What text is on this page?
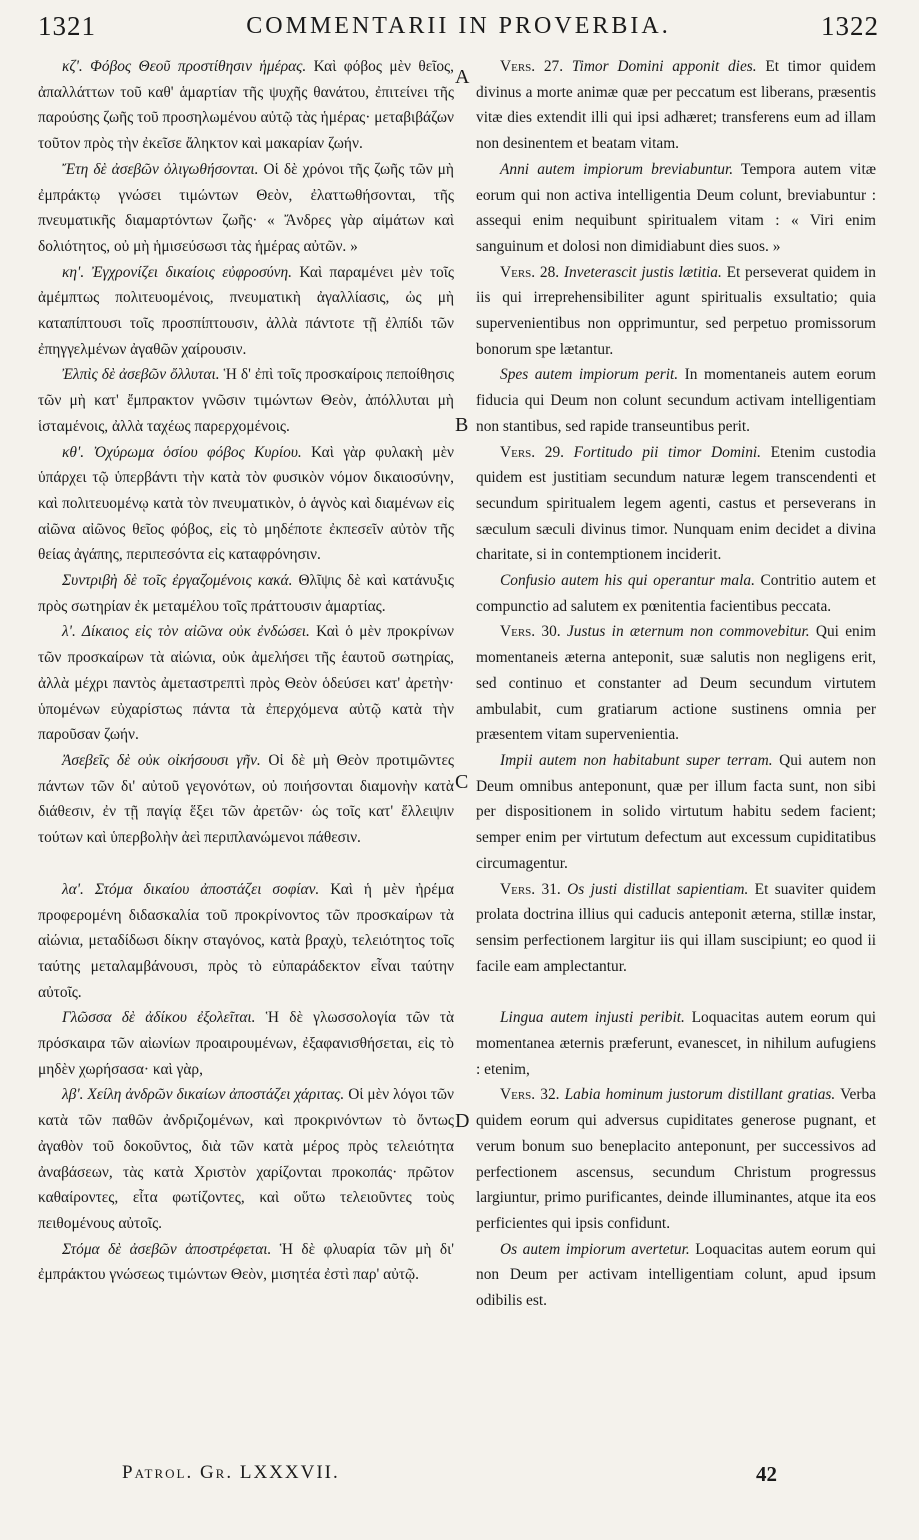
1321	COMMENTARII IN PROVERBIA.	1322

κζ'. Φόβος Θεοῦ προστίθησιν ἡμέρας. Καὶ φόβος μὲν θεῖος, ἀπαλλάττων τοῦ καθ' ἁμαρτίαν τῆς ψυχῆς θανάτου, ἐπιτείνει τῆς παρούσης ζωῆς τοῦ προσηλωμένου αὐτῷ τὰς ἡμέρας· μεταβιβάζων τοῦτον πρὸς τὴν ἐκεῖσε ἄληκτον καὶ μακαρίαν ζωήν.

Ἔτη δὲ ἀσεβῶν ὀλιγωθήσονται. Οἱ δὲ χρόνοι τῆς ζωῆς τῶν μὴ ἐμπράκτῳ γνώσει τιμώντων Θεὸν, ἐλαττωθήσονται, τῆς πνευματικῆς διαμαρτόντων ζωῆς· « Ἄνδρες γὰρ αἱμάτων καὶ δολιότητος, οὐ μὴ ἡμισεύσωσι τὰς ἡμέρας αὐτῶν. »

κη'. Ἐγχρονίζει δικαίοις εὐφροσύνη. Καὶ παραμένει μὲν τοῖς ἀμέμπτως πολιτευομένοις, πνευματικὴ ἀγαλλίασις, ὡς μὴ καταπίπτουσι τοῖς προσπίπτουσιν, ἀλλὰ πάντοτε τῇ ἐλπίδι τῶν ἐπηγγελμένων ἀγαθῶν χαίρουσιν.

Ἐλπὶς δὲ ἀσεβῶν ὄλλυται. Ἡ δ' ἐπὶ τοῖς προσκαίροις πεποίθησις τῶν μὴ κατ' ἔμπρακτον γνῶσιν τιμώντων Θεὸν, ἀπόλλυται μὴ ἱσταμένοις, ἀλλὰ ταχέως παρερχομένοις.

κθ'. Ὀχύρωμα ὁσίου φόβος Κυρίου. Καὶ γὰρ φυλακὴ μὲν ὑπάρχει τῷ ὑπερβάντι τὴν κατὰ τὸν φυσικὸν νόμον δικαιοσύνην, καὶ πολιτευομένῳ κατὰ τὸν πνευματικὸν, ὁ ἁγνὸς καὶ διαμένων εἰς αἰῶνα αἰῶνος θεῖος φόβος, εἰς τὸ μηδέποτε ἐκπεσεῖν αὐτὸν τῆς θείας ἀγάπης, περιπεσόντα εἰς καταφρόνησιν.

Συντριβὴ δὲ τοῖς ἐργαζομένοις κακά. Θλῖψις δὲ καὶ κατάνυξις πρὸς σωτηρίαν ἐκ μεταμέλου τοῖς πράττουσιν ἁμαρτίας.

λ'. Δίκαιος εἰς τὸν αἰῶνα οὐκ ἐνδώσει. Καὶ ὁ μὲν προκρίνων τῶν προσκαίρων τὰ αἰώνια, οὐκ ἀμελήσει τῆς ἑαυτοῦ σωτηρίας, ἀλλὰ μέχρι παντὸς ἀμεταστρεπτὶ πρὸς Θεὸν ὁδεύσει κατ' ἀρετὴν· ὑπομένων εὐχαρίστως πάντα τὰ ἐπερχόμενα αὐτῷ κατὰ τὴν παροῦσαν ζωήν.

Ἀσεβεῖς δὲ οὐκ οἰκήσουσι γῆν. Οἱ δὲ μὴ Θεὸν προτιμῶντες πάντων τῶν δι' αὐτοῦ γεγονότων, οὐ ποιήσονται διαμονὴν κατὰ διάθεσιν, ἐν τῇ παγίᾳ ἕξει τῶν ἀρετῶν· ὡς τοῖς κατ' ἔλλειψιν τούτων καὶ ὑπερβολὴν ἀεὶ περιπλανώμενοι πάθεσιν.

λα'. Στόμα δικαίου ἀποστάζει σοφίαν. Καὶ ἡ μὲν ἠρέμα προφερομένη διδασκαλία τοῦ προκρίνοντος τῶν προσκαίρων τὰ αἰώνια, μεταδίδωσι δίκην σταγόνος, κατὰ βραχὺ, τελειότητος τοῖς ταύτης μεταλαμβάνουσι, πρὸς τὸ εὐπαράδεκτον εἶναι ταύτην αὐτοῖς.

Γλῶσσα δὲ ἀδίκου ἐξολεῖται. Ἡ δὲ γλωσσολογία τῶν τὰ πρόσκαιρα τῶν αἰωνίων προαιρουμένων, ἐξαφανισθήσεται, εἰς τὸ μηδὲν χωρήσασα· καὶ γὰρ,

λβ'. Χείλη ἀνδρῶν δικαίων ἀποστάζει χάριτας. Οἱ μὲν λόγοι τῶν κατὰ τῶν παθῶν ἀνδριζομένων, καὶ προκρινόντων τὸ ὄντως ἀγαθὸν τοῦ δοκοῦντος, διὰ τῶν κατὰ μέρος πρὸς τελειότητα ἀναβάσεων, τὰς κατὰ Χριστὸν χαρίζονται προκοπάς· πρῶτον καθαίροντες, εἶτα φωτίζοντες, καὶ οὕτω τελειοῦντες τοὺς πειθομένους αὐτοῖς.

Στόμα δὲ ἀσεβῶν ἀποστρέφεται. Ἡ δὲ φλυαρία τῶν μὴ δι' ἐμπράκτου γνώσεως τιμώντων Θεὸν, μισητέα ἐστὶ παρ' αὐτῷ.

A
B
C
D

Vers. 27. Timor Domini apponit dies. Et timor quidem divinus a morte animæ quæ per peccatum est liberans, præsentis vitæ dies extendit illi qui ipsi adhæret; transferens eum ad illam non desinentem et beatam vitam.

Anni autem impiorum breviabuntur. Tempora autem vitæ eorum qui non activa intelligentia Deum colunt, breviabuntur : assequi enim nequibunt spiritualem vitam : « Viri enim sanguinum et dolosi non dimidiabunt dies suos. »

Vers. 28. Inveterascit justis lætitia. Et perseverat quidem in iis qui irreprehensibiliter agunt spiritualis exsultatio; quia supervenientibus non opprimuntur, sed perpetuo promissorum bonorum spe lætantur.

Spes autem impiorum perit. In momentaneis autem eorum fiducia qui Deum non colunt secundum activam intelligentiam non stantibus, sed rapide transeuntibus perit.

Vers. 29. Fortitudo pii timor Domini. Etenim custodia quidem est justitiam secundum naturæ legem transcendenti et secundum spiritualem legem agenti, castus et perseverans in sæculum sæculi divinus timor. Nunquam enim decidet a divina charitate, si in contemptionem inciderit.

Confusio autem his qui operantur mala. Contritio autem et compunctio ad salutem ex pœnitentia facientibus peccata.

Vers. 30. Justus in æternum non commovebitur. Qui enim momentaneis æterna anteponit, suæ salutis non negligens erit, sed continuo et constanter ad Deum secundum virtutem ambulabit, cum gratiarum actione sustinens omnia per præsentem vitam supervenientia.

Impii autem non habitabunt super terram. Qui autem non Deum omnibus anteponunt, quæ per illum facta sunt, non sibi per dispositionem in solido virtutum habitu sedem facient; semper enim per virtutum defectum aut excessum cupiditatibus circumagentur.

Vers. 31. Os justi distillat sapientiam. Et suaviter quidem prolata doctrina illius qui caducis anteponit æterna, stillæ instar, sensim perfectionem largitur iis qui illam suscipiunt; eo quod ii facile eam amplectantur.

Lingua autem injusti peribit. Loquacitas autem eorum qui momentanea æternis præferunt, evanescet, in nihilum aufugiens : etenim,

Vers. 32. Labia hominum justorum distillant gratias. Verba quidem eorum qui adversus cupiditates generose pugnant, et verum bonum suo beneplacito anteponunt, per successivos ad perfectionem ascensus, secundum Christum progressus largiuntur, primo purificantes, deinde illuminantes, atque ita eos perficientes qui ipsis confidunt.

Os autem impiorum avertetur. Loquacitas autem eorum qui non Deum per activam intelligentiam colunt, apud ipsum odibilis est.

Patrol. Gr. LXXXVII.	42
